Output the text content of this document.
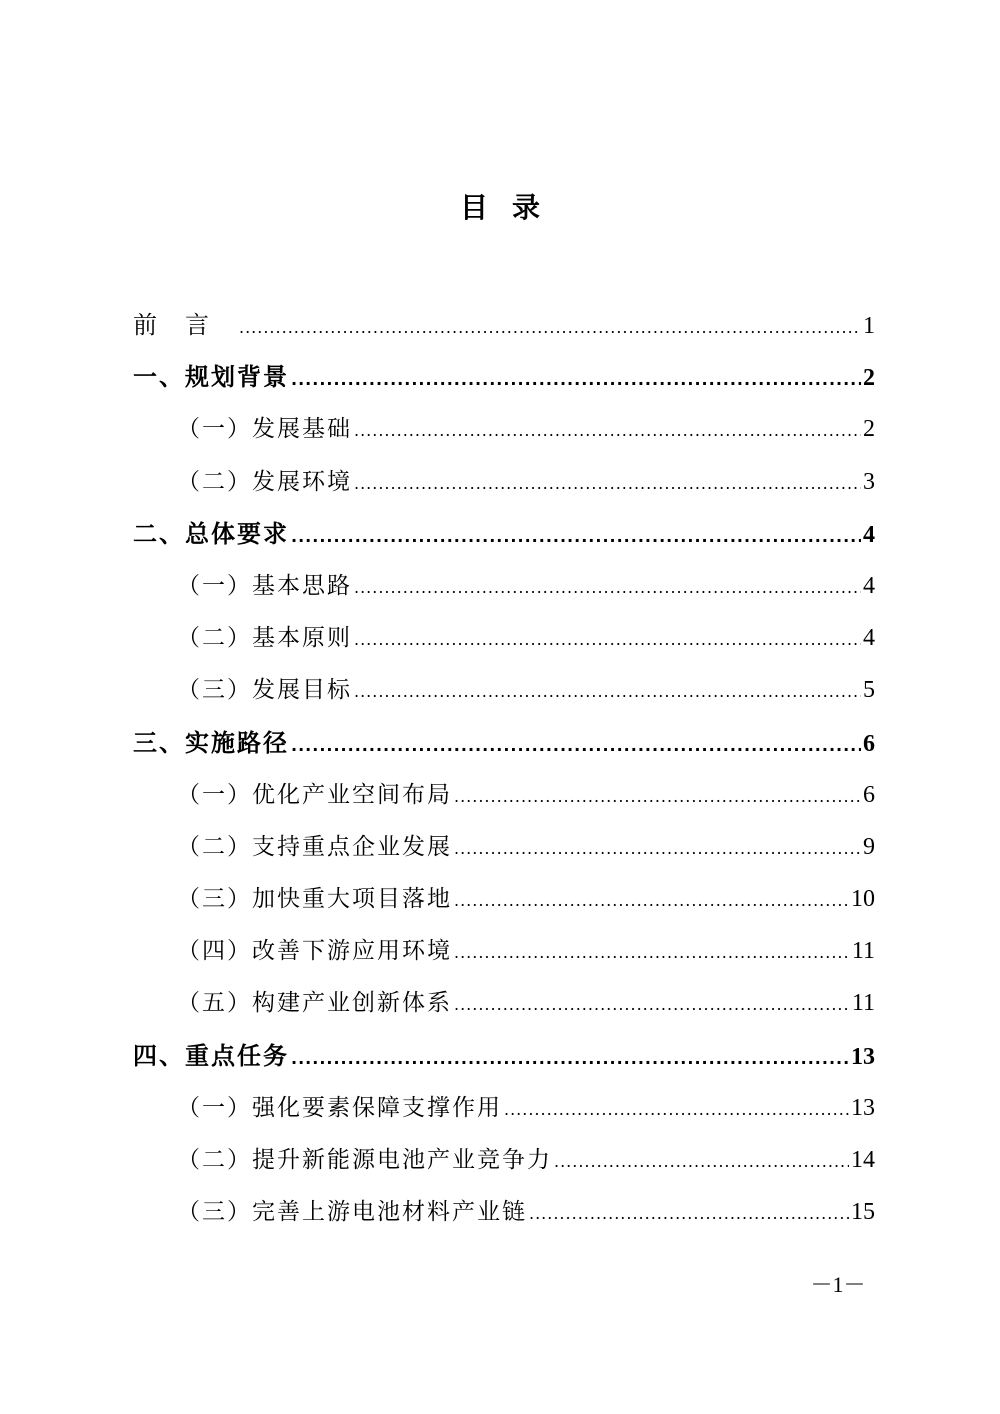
目录
前言 .....	1
一、规划背景 .....	2
（一）发展基础 .....	2
（二）发展环境 .....	3
二、总体要求 .....	4
（一）基本思路 .....	4
（二）基本原则 .....	4
（三）发展目标 .....	5
三、实施路径 .....	6
（一）优化产业空间布局 .....	6
（二）支持重点企业发展 .....	9
（三）加快重大项目落地 .....	10
（四）改善下游应用环境 .....	11
（五）构建产业创新体系 .....	11
四、重点任务 .....	13
（一）强化要素保障支撑作用 .....	13
（二）提升新能源电池产业竞争力 .....	14
（三）完善上游电池材料产业链 .....	15
－1－
